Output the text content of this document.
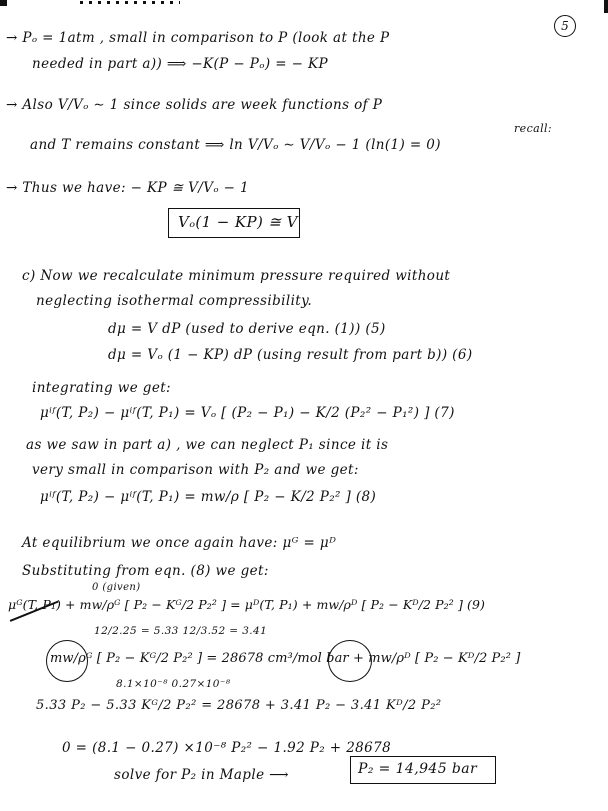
5
→ Pₒ = 1atm , small in comparison to P (look at the P
needed in part a)) ⟹ −K(P − Pₒ) = − KP
→ Also V/Vₒ ∼ 1 since solids are week functions of P
recall:
and T remains constant ⟹ ln V/Vₒ ∼ V/Vₒ − 1 (ln(1) = 0)
→ Thus we have: − KP ≅ V/Vₒ − 1
Vₒ(1 − KP) ≅ V
c) Now we recalculate minimum pressure required without
neglecting isothermal compressibility.
dμ = V dP (used to derive eqn. (1)) (5)
dμ = Vₒ (1 − KP) dP (using result from part b)) (6)
integrating we get:
μⁱᶠ(T, P₂) − μⁱᶠ(T, P₁) = Vₒ [ (P₂ − P₁) − K/2 (P₂² − P₁²) ] (7)
as we saw in part a) , we can neglect P₁ since it is
very small in comparison with P₂ and we get:
μⁱᶠ(T, P₂) − μⁱᶠ(T, P₁) = mw/ρ [ P₂ − K/2 P₂² ] (8)
At equilibrium we once again have: μᴳ = μᴰ
Substituting from eqn. (8) we get:
0 (given)
μᴳ(T, P₁) + mw/ρᴳ [ P₂ − Kᴳ/2 P₂² ] = μᴰ(T, P₁) + mw/ρᴰ [ P₂ − Kᴰ/2 P₂² ] (9)
12/2.25 = 5.33 12/3.52 = 3.41
mw/ρᴳ [ P₂ − Kᴳ/2 P₂² ] = 28678 cm³/mol bar + mw/ρᴰ [ P₂ − Kᴰ/2 P₂² ]
8.1×10⁻⁸ 0.27×10⁻⁸
5.33 P₂ − 5.33 Kᴳ/2 P₂² = 28678 + 3.41 P₂ − 3.41 Kᴰ/2 P₂²
0 = (8.1 − 0.27) ×10⁻⁸ P₂² − 1.92 P₂ + 28678
solve for P₂ in Maple ⟶	P₂ = 14,945 bar
